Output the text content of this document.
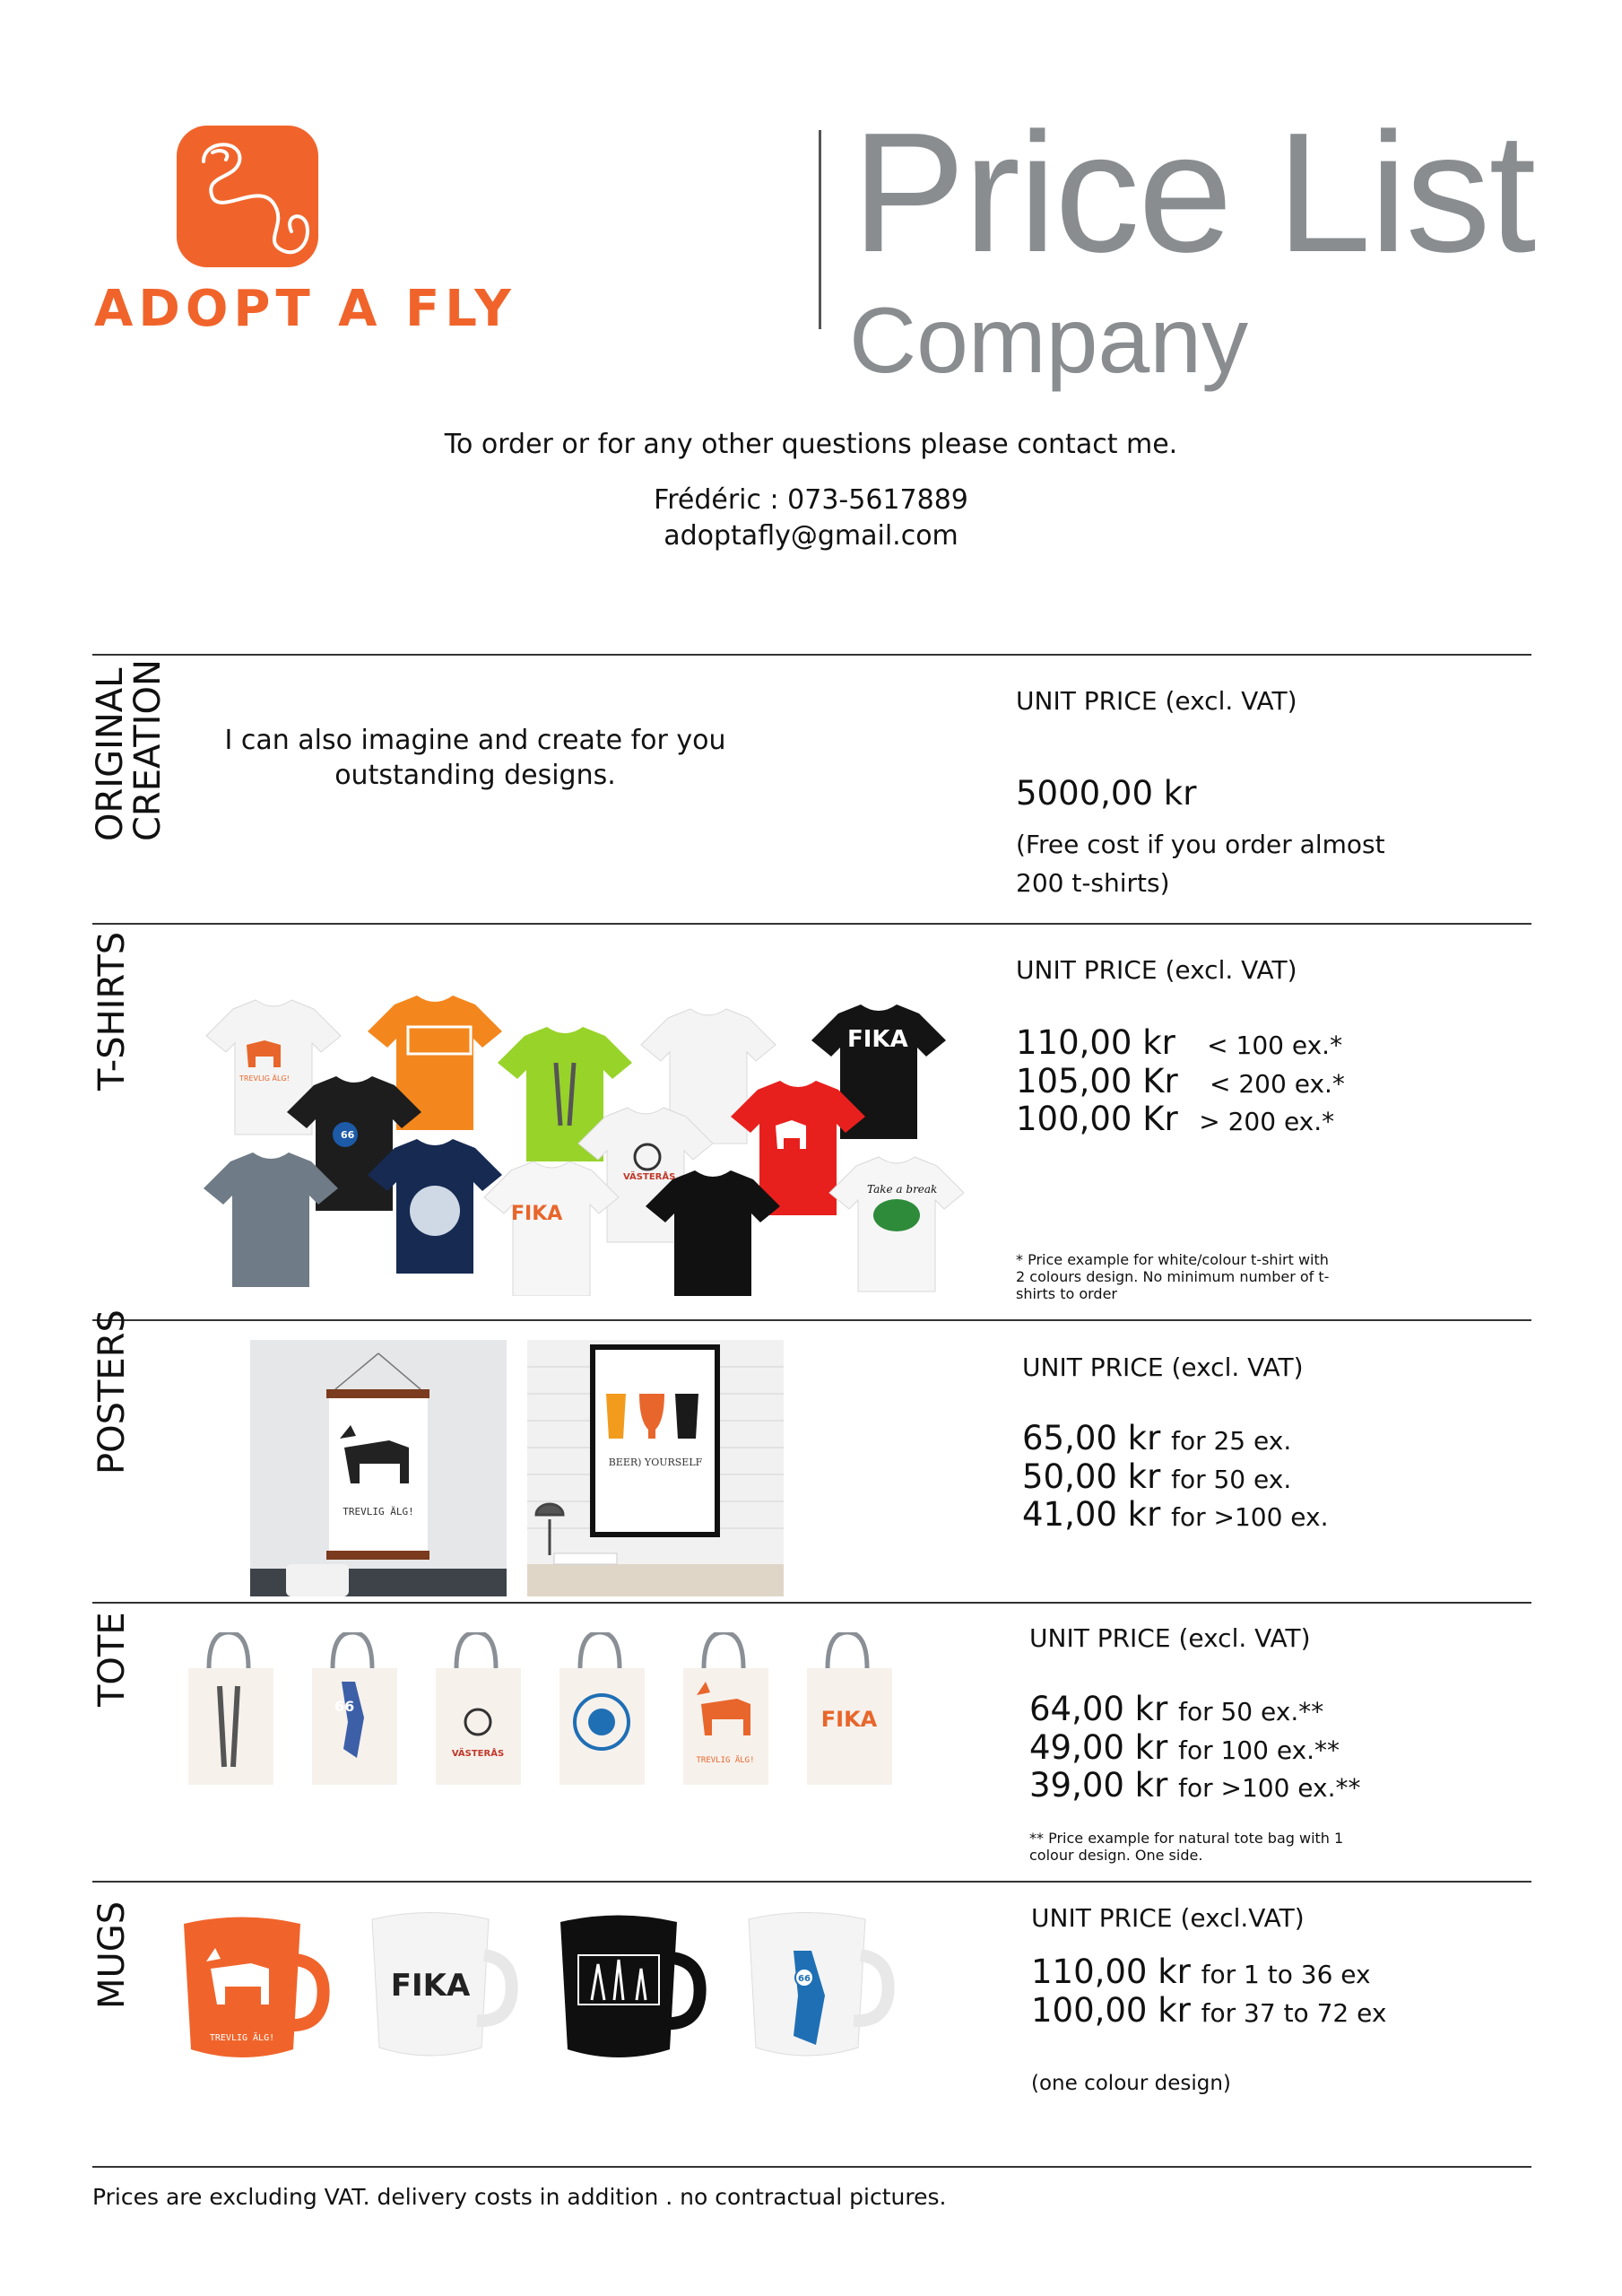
ADOPT A FLY
Price List
Company
To order or for any other questions please contact me.
Frédéric : 073-5617889
adoptafly@gmail.com
ORIGINAL
CREATION	I can also imagine and create for you
outstanding designs.
UNIT PRICE (excl. VAT)
5000,00 kr
(Free cost if you order almost
200 t-shirts)
T-SHIRTS	FIKA
FIKA
TREVLIG ÄLG!
66
VÄSTERÅS
Take a break
UNIT PRICE (excl. VAT)
110,00 kr < 100 ex.*
105,00 Kr < 200 ex.*
100,00 Kr > 200 ex.*
* Price example for white/colour t-shirt with 2 colours design. No minimum number of t-shirts to order
POSTERS
TREVLIG ÄLG!
BEER) YOURSELF
UNIT PRICE (excl. VAT)
65,00 kr for 25 ex.
50,00 kr for 50 ex.
41,00 kr for >100 ex.
TOTE	66
VÄSTERÅS
TREVLIG ÄLG!
FIKA
UNIT PRICE (excl. VAT)
64,00 kr for 50 ex.**
49,00 kr for 100 ex.**
39,00 kr for >100 ex.**
** Price example for natural tote bag with 1 colour design. One side.
MUGS
TREVLIG ÄLG!
FIKA	66
UNIT PRICE (excl.VAT)
110,00 kr for 1 to 36 ex
100,00 kr for 37 to 72 ex
(one colour design)
Prices are excluding VAT. delivery costs in addition . no contractual pictures.
